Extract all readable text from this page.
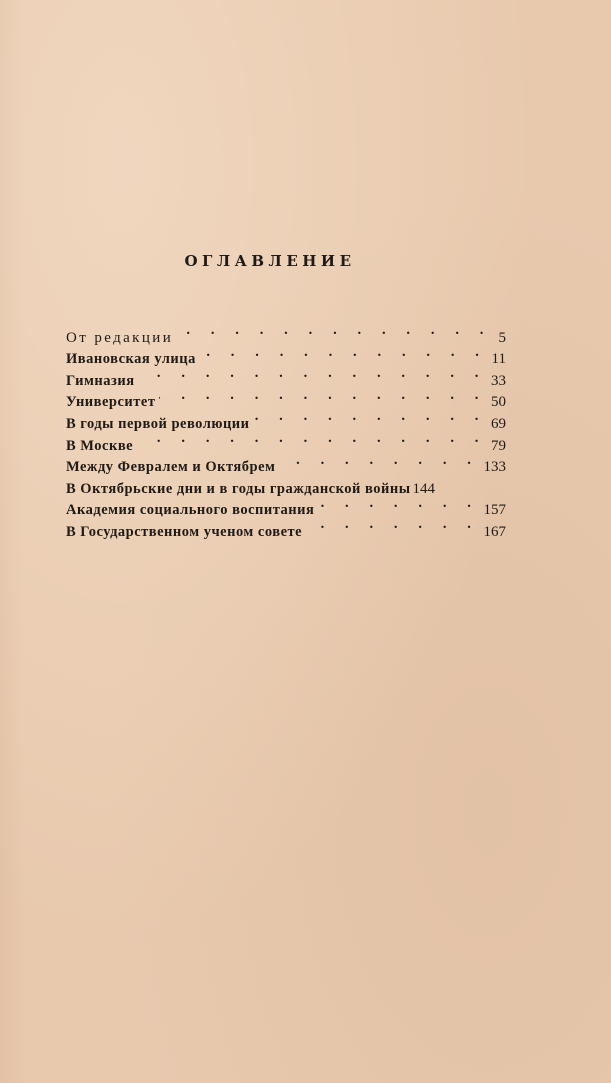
ОГЛАВЛЕНИЕ
От редакции . . .	5
Ивановская улица . . .	11
Гимназия . . .	33
Университет . . .	50
В годы первой революции . . .	69
В Москве . . .	79
Между Февралем и Октябрем . . .	133
В Октябрьские дни и в годы гражданской войны 144
Академия социального воспитания . . .	157
В Государственном ученом совете . . .	167
